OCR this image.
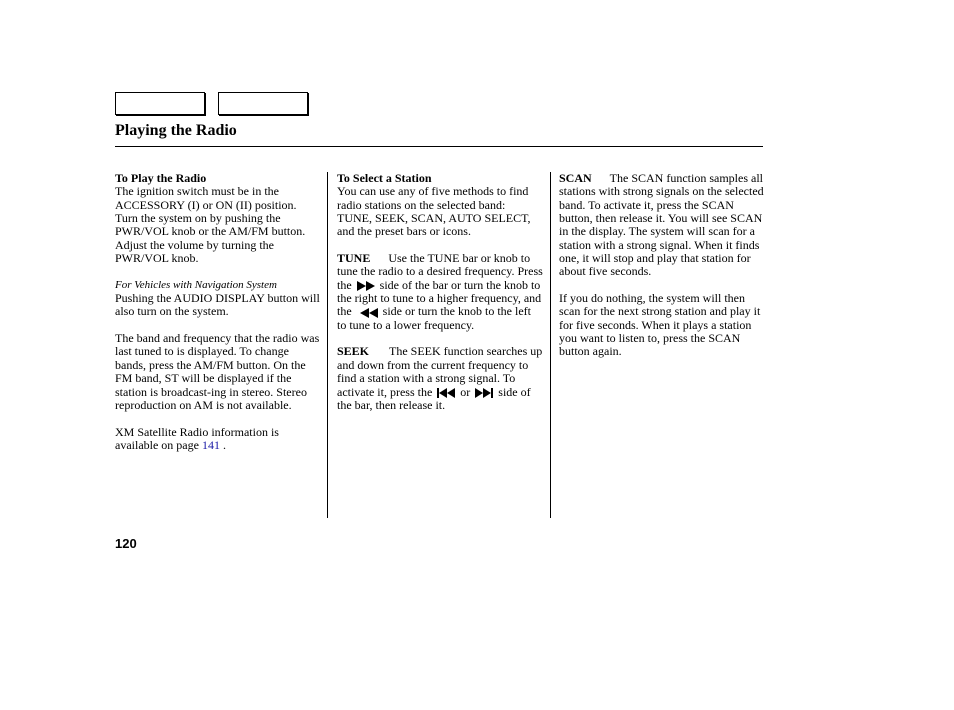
Playing the Radio

To Play the Radio

The ignition switch must be in the ACCESSORY (I) or ON (II) position. Turn the system on by pushing the PWR/VOL knob or the AM/FM button. Adjust the volume by turning the PWR/VOL knob.

For Vehicles with Navigation System

Pushing the AUDIO DISPLAY button will also turn on the system.

The band and frequency that the radio was last tuned to is displayed. To change bands, press the AM/FM button. On the FM band, ST will be displayed if the station is broadcast-ing in stereo. Stereo reproduction on AM is not available.

XM Satellite Radio information is available on page 141 .

To Select a Station

You can use any of five methods to find radio stations on the selected band: TUNE, SEEK, SCAN, AUTO SELECT, and the preset bars or icons.

TUNE Use the TUNE bar or knob to tune the radio to a desired frequency. Press the side of the bar or turn the knob to the right to tune to a higher frequency, and the	side or turn the knob to the left to tune to a lower frequency.

SEEK The SEEK function searches up and down from the current frequency to find a station with a strong signal. To activate it, press the or side of the bar, then release it.

SCAN The SCAN function samples all stations with strong signals on the selected band. To activate it, press the SCAN button, then release it. You will see SCAN in the display. The system will scan for a station with a strong signal. When it finds one, it will stop and play that station for about five seconds.

If you do nothing, the system will then scan for the next strong station and play it for five seconds. When it plays a station you want to listen to, press the SCAN button again.

120
